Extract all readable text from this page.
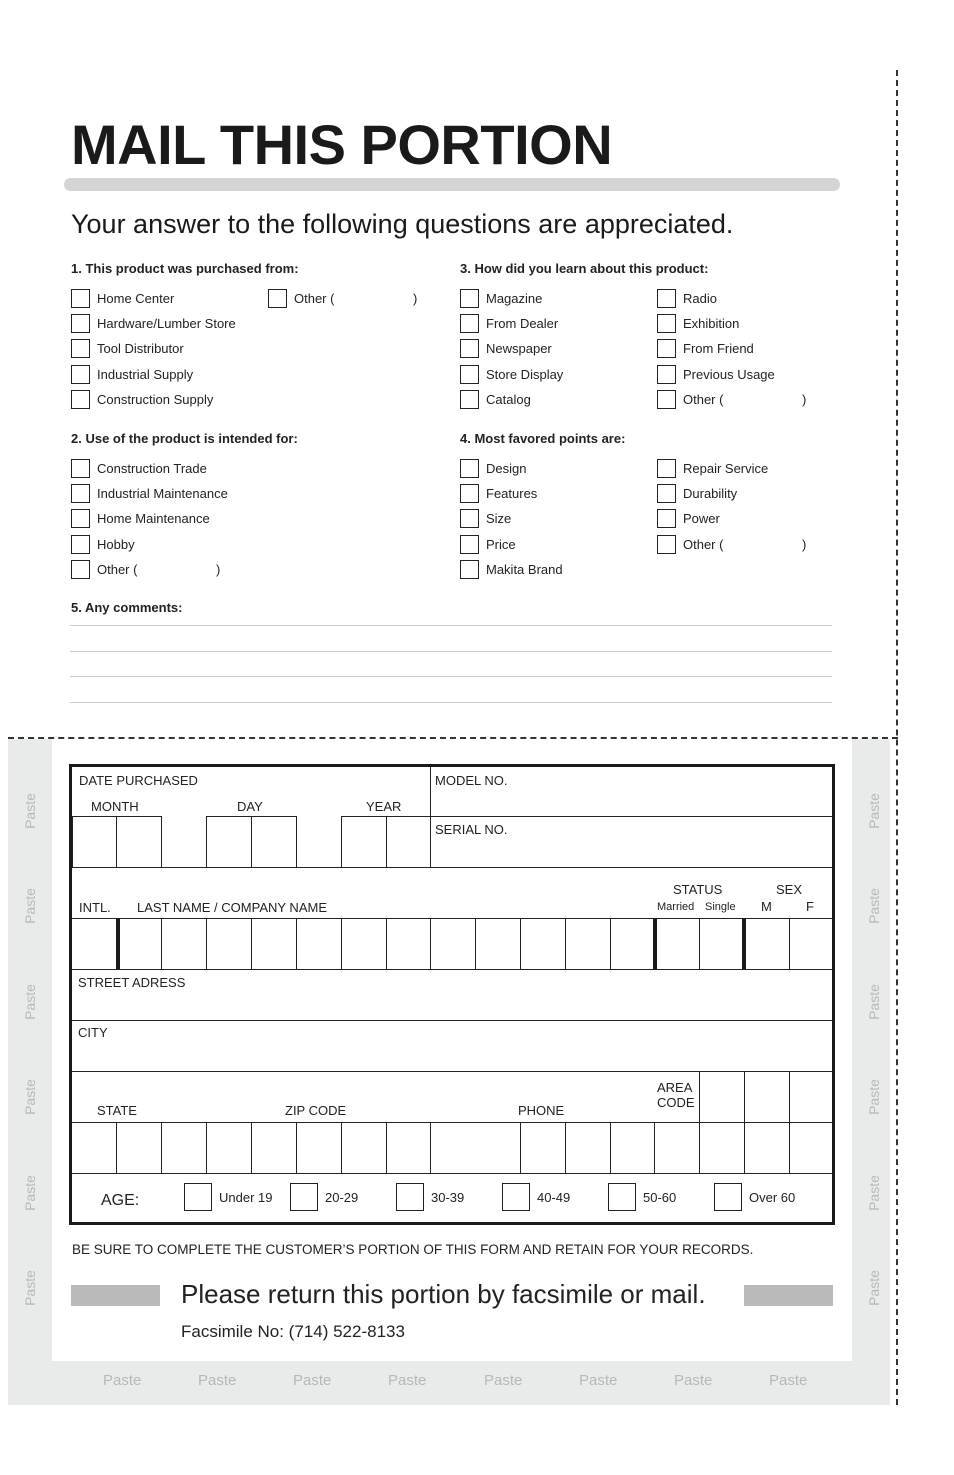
MAIL THIS PORTION
Your answer to the following questions are appreciated.
1. This product was purchased from:
Home Center
Hardware/Lumber Store
Tool Distributor
Industrial Supply
Construction Supply
Other (	)
2. Use of the product is intended for:
Construction Trade
Industrial Maintenance
Home Maintenance
Hobby
Other (	)
3. How did you learn about this product:
Magazine
From Dealer
Newspaper
Store Display
Catalog
Radio
Exhibition
From Friend
Previous Usage
Other (	)
4. Most favored points are:
Design
Features
Size
Price
Makita Brand
Repair Service
Durability
Power
Other (	)
5. Any comments:
Paste
Paste
Paste
Paste
Paste
Paste
Paste
Paste
Paste
Paste
Paste
Paste
Paste	Paste	Paste	Paste	Paste	Paste	Paste	Paste
DATE PURCHASED
MONTH	DAY	YEAR
MODEL NO.
SERIAL NO.
INTL. LAST NAME / COMPANY NAME
STATUS
Married Single
SEX
M	F
STREET ADRESS
CITY
STATE	ZIP CODE	PHONE
AREA
CODE
AGE:	Under 19	20-29	30-39	40-49	50-60	Over 60
BE SURE TO COMPLETE THE CUSTOMER’S PORTION OF THIS FORM AND RETAIN FOR YOUR RECORDS.
Please return this portion by facsimile or mail.
Facsimile No: (714) 522-8133
